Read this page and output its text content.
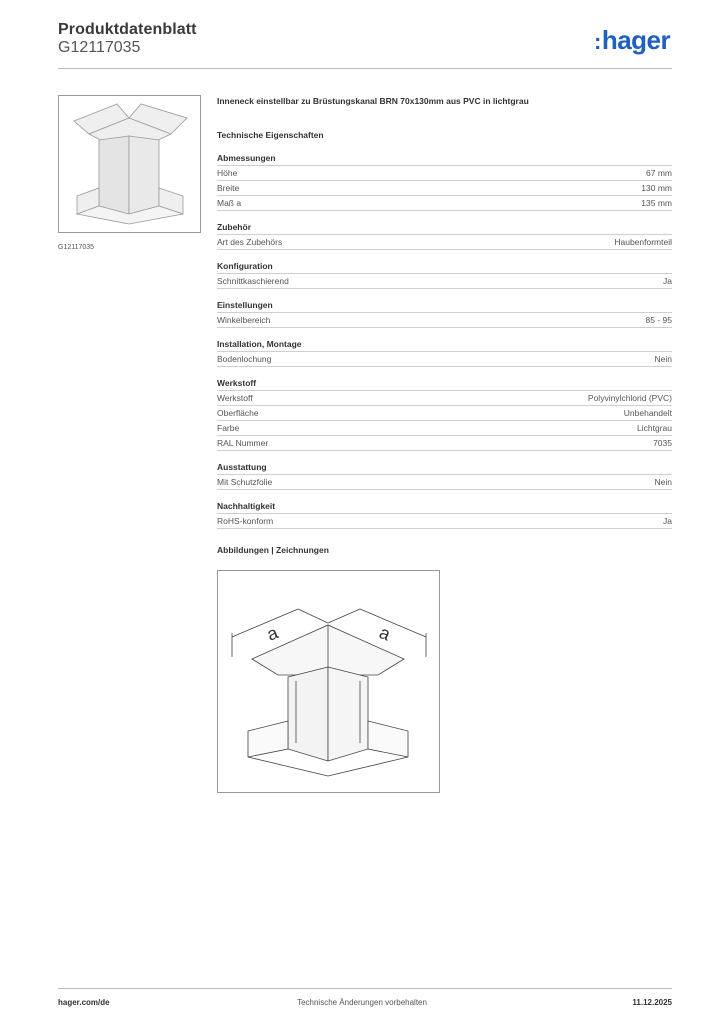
Produktdatenblatt
G12117035	:hager
G12117035
Inneneck einstellbar zu Brüstungskanal BRN 70x130mm aus PVC in lichtgrau
Technische Eigenschaften
Abmessungen
Höhe	67 mm
Breite	130 mm
Maß a	135 mm
Zubehör
Art des Zubehörs	Haubenformteil
Konfiguration
Schnittkaschierend	Ja
Einstellungen
Winkelbereich	85 - 95
Installation, Montage
Bodenlochung	Nein
Werkstoff
Werkstoff	Polyvinylchlorid (PVC)
Oberfläche	Unbehandelt
Farbe	Lichtgrau
RAL Nummer	7035
Ausstattung
Mit Schutzfolie	Nein
Nachhaltigkeit
RoHS-konform	Ja
Abbildungen | Zeichnungen
a	a
hager.com/de	Technische Änderungen vorbehalten	11.12.2025
